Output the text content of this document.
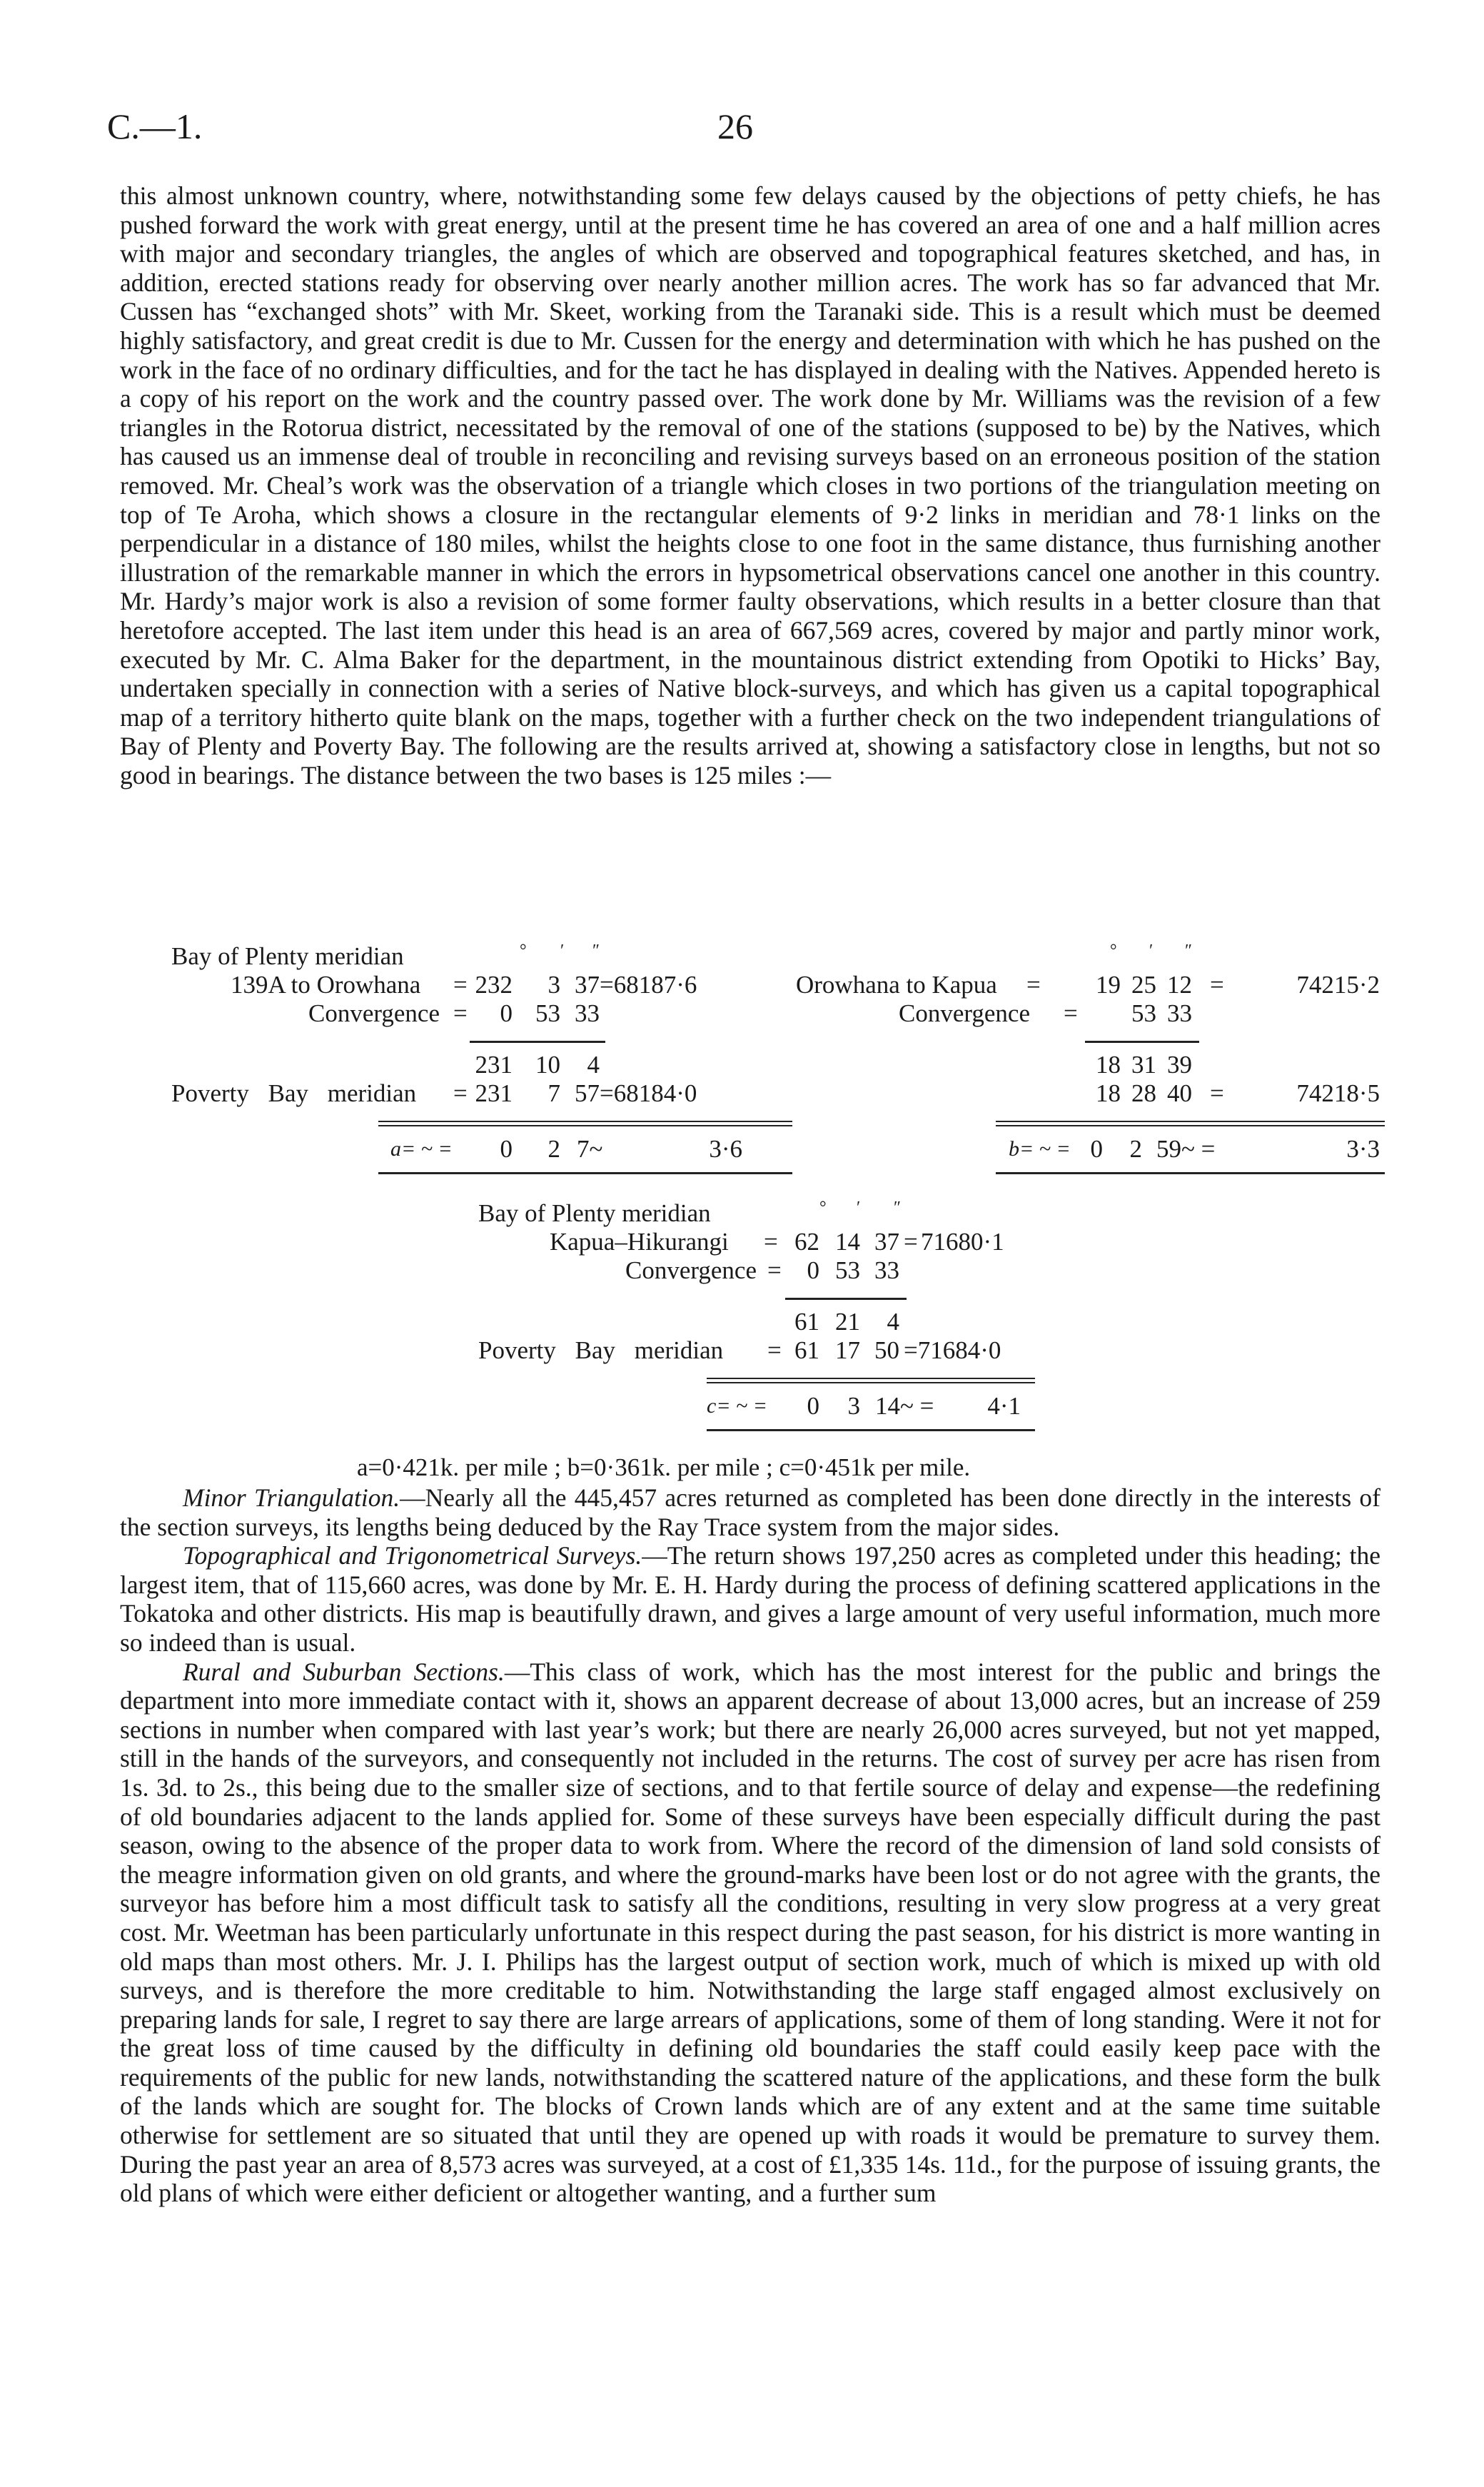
C.—1.	26

this almost unknown country, where, notwithstanding some few delays caused by the objections of petty chiefs, he has pushed forward the work with great energy, until at the present time he has covered an area of one and a half million acres with major and secondary triangles, the angles of which are observed and topographical features sketched, and has, in addition, erected stations ready for observing over nearly another million acres. The work has so far advanced that Mr. Cussen has “exchanged shots” with Mr. Skeet, working from the Taranaki side. This is a result which must be deemed highly satisfactory, and great credit is due to Mr. Cussen for the energy and determination with which he has pushed on the work in the face of no ordinary difficulties, and for the tact he has displayed in dealing with the Natives. Appended hereto is a copy of his report on the work and the country passed over. The work done by Mr. Williams was the revision of a few triangles in the Rotorua district, necessitated by the removal of one of the stations (supposed to be) by the Natives, which has caused us an immense deal of trouble in reconciling and revising surveys based on an erroneous position of the station removed. Mr. Cheal’s work was the observation of a triangle which closes in two portions of the triangulation meeting on top of Te Aroha, which shows a closure in the rectangular elements of 9·2 links in meridian and 78·1 links on the perpendicular in a distance of 180 miles, whilst the heights close to one foot in the same distance, thus furnishing another illustration of the remarkable manner in which the errors in hypsometrical observations cancel one another in this country. Mr. Hardy’s major work is also a revision of some former faulty observations, which results in a better closure than that heretofore accepted. The last item under this head is an area of 667,569 acres, covered by major and partly minor work, executed by Mr. C. Alma Baker for the department, in the mountainous district extending from Opotiki to Hicks’ Bay, undertaken specially in connection with a series of Native block-surveys, and which has given us a capital topographical map of a territory hitherto quite blank on the maps, together with a further check on the two independent triangulations of Bay of Plenty and Poverty Bay. The following are the results arrived at, showing a satisfactory close in lengths, but not so good in bearings. The distance between the two bases is 125 miles :—

Bay of Plenty meridian	° ′ ″
139A to Orowhana = 232	3 37 =68187·6
Convergence =	0 53 33
231 10	4
Poverty Bay meridian = 231	7 57 =68184·0
a= ~ =	0	2 7~	3·6
° ′ ″
Orowhana to Kapua =	19 25 12 =	74215·2
Convergence = 53 33
18 31 39
18 28 40 =	74218·5
b= ~ = 0	2 59~ =	3·3
Bay of Plenty meridian	° ′ ″
Kapua–Hikurangi = 62 14 37 = 71680·1
Convergence =	0 53 33
61 21	4
Poverty Bay meridian = 61 17 50 =71684·0
c= ~ =	0	3 14~ =	4·1
a=0·421k. per mile ; b=0·361k. per mile ; c=0·451k per mile.

Minor Triangulation.—Nearly all the 445,457 acres returned as completed has been done directly in the interests of the section surveys, its lengths being deduced by the Ray Trace system from the major sides.

Topographical and Trigonometrical Surveys.—The return shows 197,250 acres as completed under this heading; the largest item, that of 115,660 acres, was done by Mr. E. H. Hardy during the process of defining scattered applications in the Tokatoka and other districts. His map is beautifully drawn, and gives a large amount of very useful information, much more so indeed than is usual.

Rural and Suburban Sections.—This class of work, which has the most interest for the public and brings the department into more immediate contact with it, shows an apparent decrease of about 13,000 acres, but an increase of 259 sections in number when compared with last year’s work; but there are nearly 26,000 acres surveyed, but not yet mapped, still in the hands of the surveyors, and consequently not included in the returns. The cost of survey per acre has risen from 1s. 3d. to 2s., this being due to the smaller size of sections, and to that fertile source of delay and expense—the redefining of old boundaries adjacent to the lands applied for. Some of these surveys have been especially difficult during the past season, owing to the absence of the proper data to work from. Where the record of the dimension of land sold consists of the meagre information given on old grants, and where the ground-marks have been lost or do not agree with the grants, the surveyor has before him a most difficult task to satisfy all the conditions, resulting in very slow progress at a very great cost. Mr. Weetman has been particularly unfortunate in this respect during the past season, for his district is more wanting in old maps than most others. Mr. J. I. Philips has the largest output of section work, much of which is mixed up with old surveys, and is therefore the more creditable to him. Notwithstanding the large staff engaged almost exclusively on preparing lands for sale, I regret to say there are large arrears of applications, some of them of long standing. Were it not for the great loss of time caused by the difficulty in defining old boundaries the staff could easily keep pace with the requirements of the public for new lands, notwithstanding the scattered nature of the applications, and these form the bulk of the lands which are sought for. The blocks of Crown lands which are of any extent and at the same time suitable otherwise for settlement are so situated that until they are opened up with roads it would be premature to survey them. During the past year an area of 8,573 acres was surveyed, at a cost of £1,335 14s. 11d., for the purpose of issuing grants, the old plans of which were either deficient or altogether wanting, and a further sum
